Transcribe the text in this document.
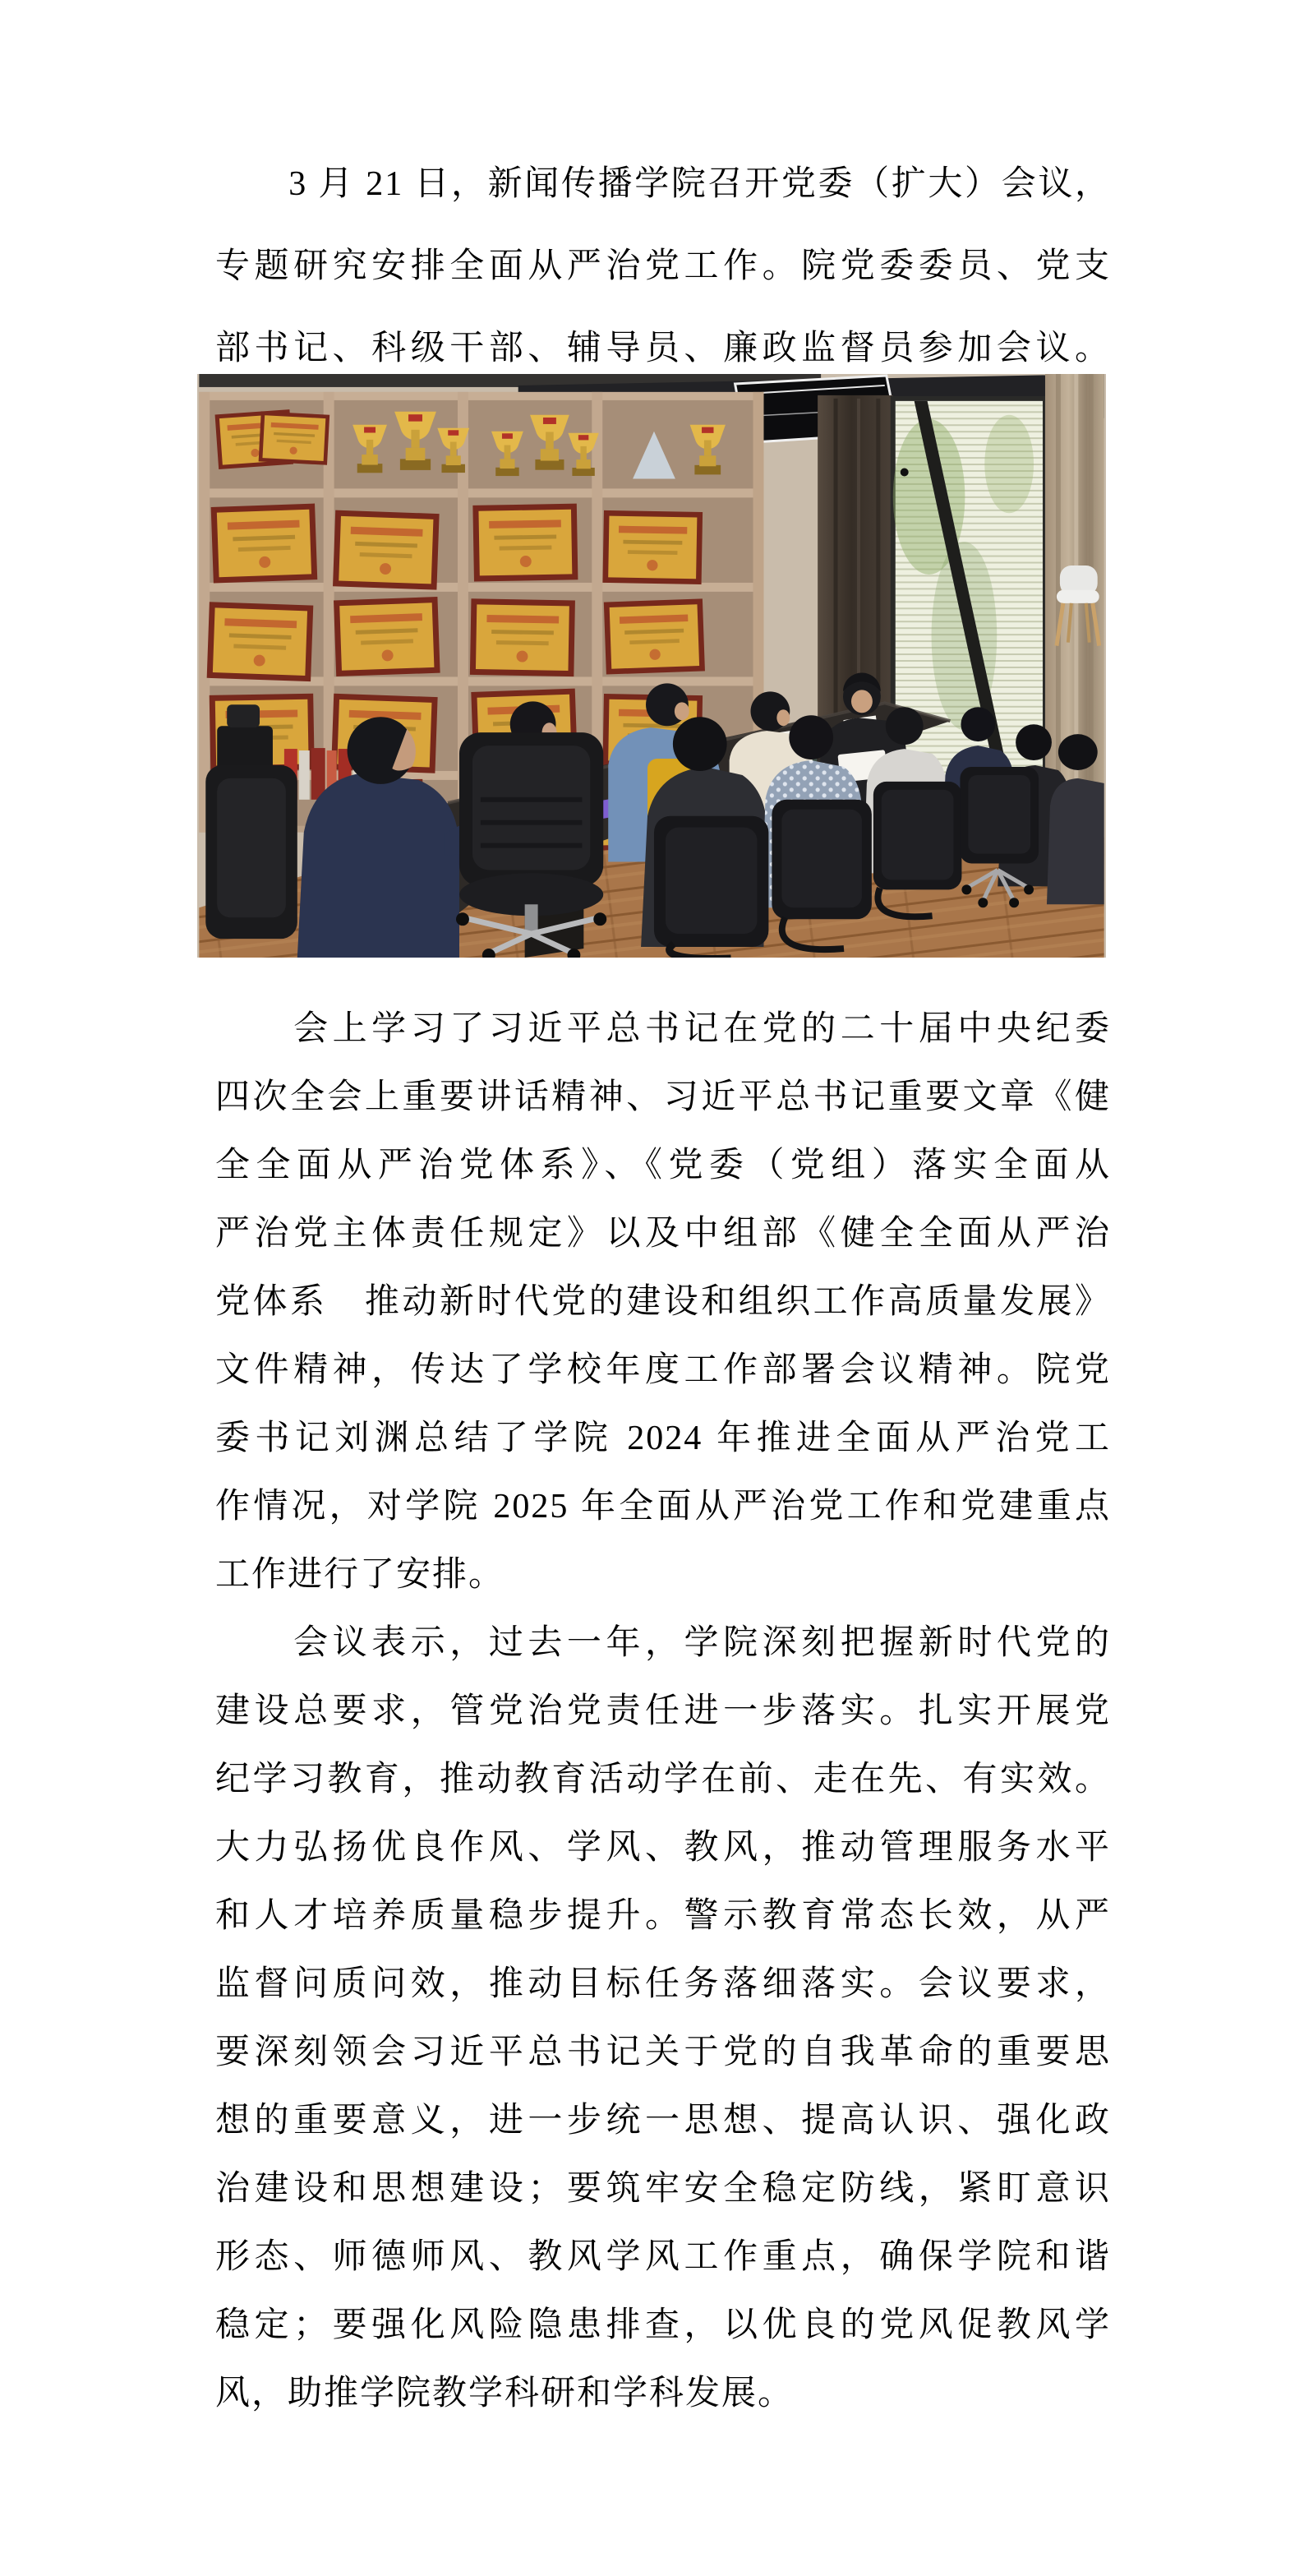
　　3 月 21 日，新闻传播学院召开党委（扩大）会议，
专题研究安排全面从严治党工作。院党委委员、党支
部书记、科级干部、辅导员、廉政监督员参加会议。
　　会上学习了习近平总书记在党的二十届中央纪委
四次全会上重要讲话精神、习近平总书记重要文章《健
全全面从严治党体系》、《党委（党组）落实全面从
严治党主体责任规定》以及中组部《健全全面从严治
党体系　推动新时代党的建设和组织工作高质量发展》
文件精神，传达了学校年度工作部署会议精神。院党
委书记刘渊总结了学院 2024 年推进全面从严治党工
作情况，对学院 2025 年全面从严治党工作和党建重点
工作进行了安排。
　　会议表示，过去一年，学院深刻把握新时代党的
建设总要求，管党治党责任进一步落实。扎实开展党
纪学习教育，推动教育活动学在前、走在先、有实效。
大力弘扬优良作风、学风、教风，推动管理服务水平
和人才培养质量稳步提升。警示教育常态长效，从严
监督问质问效，推动目标任务落细落实。会议要求，
要深刻领会习近平总书记关于党的自我革命的重要思
想的重要意义，进一步统一思想、提高认识、强化政
治建设和思想建设；要筑牢安全稳定防线，紧盯意识
形态、师德师风、教风学风工作重点，确保学院和谐
稳定；要强化风险隐患排查，以优良的党风促教风学
风，助推学院教学科研和学科发展。
